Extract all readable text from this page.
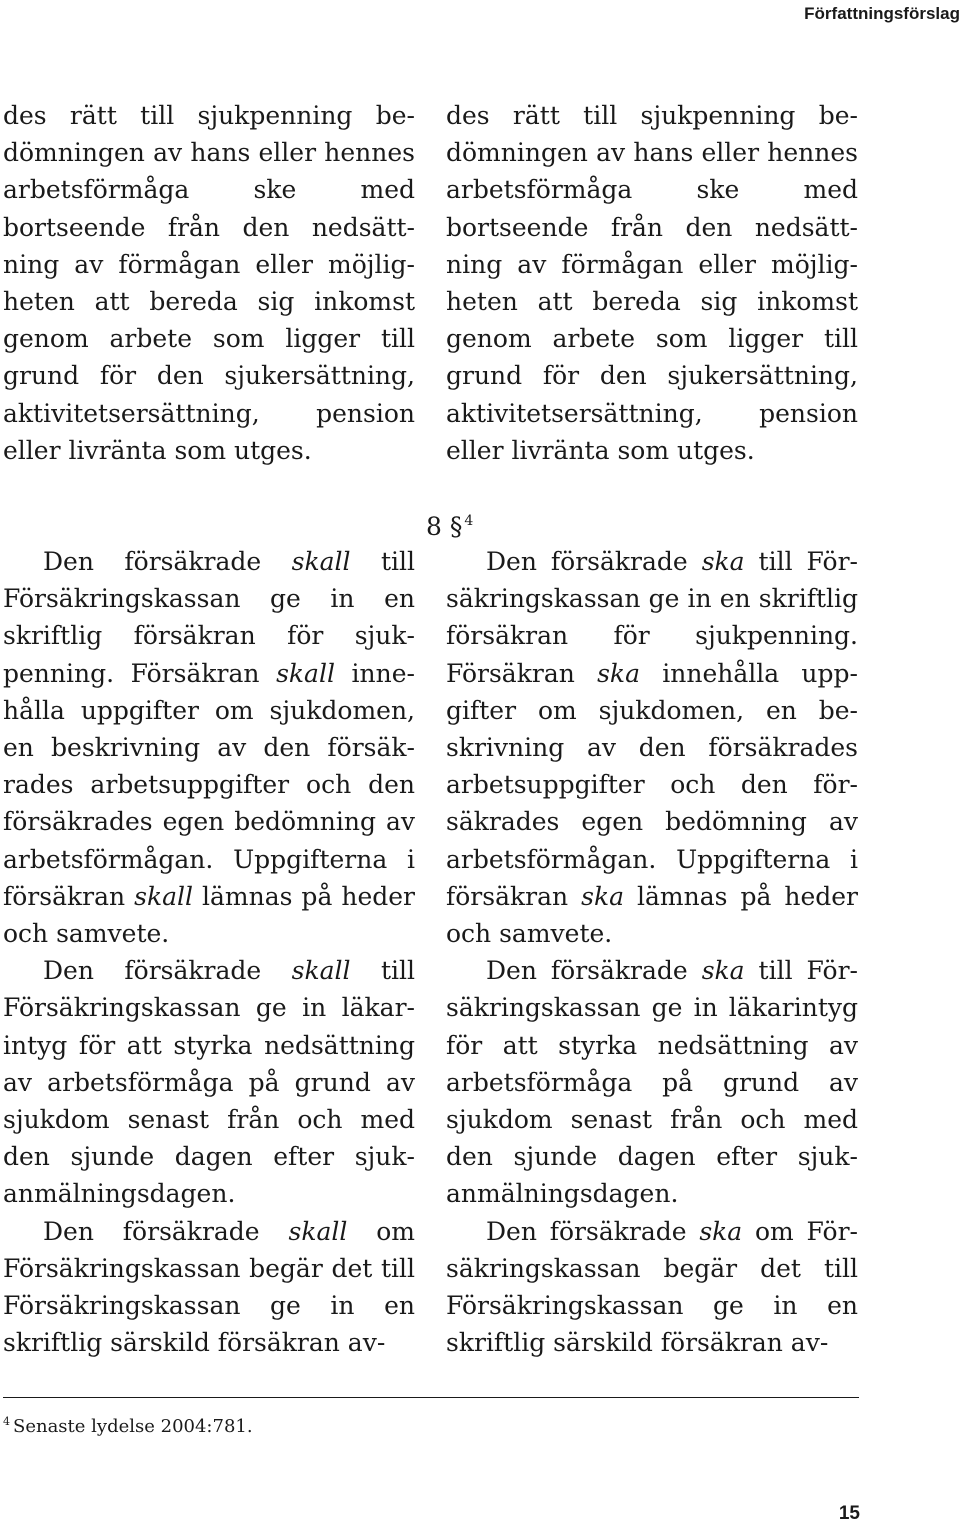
Författningsförslag

des rätt till sjukpenning bedömningen av hans eller hennes arbetsförmåga ske med bortseende från den nedsättning av förmågan eller möjligheten att bereda sig inkomst genom arbete som ligger till grund för den sjukersättning, aktivitetsersättning, pension eller livränta som utges.

des rätt till sjukpenning bedömningen av hans eller hennes arbetsförmåga ske med bortseende från den nedsättning av förmågan eller möjligheten att bereda sig inkomst genom arbete som ligger till grund för den sjukersättning, aktivitetsersättning, pension eller livränta som utges.

8 § $^4$

Den försäkrade skall till Försäkringskassan ge in en skriftlig försäkran för sjukpenning. Försäkran skall innehålla uppgifter om sjukdomen, en beskrivning av den försäkrades arbetsuppgifter och den försäkrades egen bedömning av arbetsförmågan. Uppgifterna i försäkran skall lämnas på heder och samvete.

Den försäkrade skall till Försäkringskassan ge in läkarintyg för att styrka nedsättning av arbetsförmåga på grund av sjukdom senast från och med den sjunde dagen efter sjukanmälningsdagen.

Den försäkrade skall om Försäkringskassan begär det till Försäkringskassan ge in en skriftlig särskild försäkran av-

Den försäkrade ska till Försäkringskassan ge in en skriftlig försäkran för sjukpenning. Försäkran ska innehålla uppgifter om sjukdomen, en beskrivning av den försäkrades arbetsuppgifter och den försäkrades egen bedömning av arbetsförmågan. Uppgifterna i försäkran ska lämnas på heder och samvete.

Den försäkrade ska till Försäkringskassan ge in läkarintyg för att styrka nedsättning av arbetsförmåga på grund av sjukdom senast från och med den sjunde dagen efter sjukanmälningsdagen.

Den försäkrade ska om Försäkringskassan begär det till Försäkringskassan ge in en skriftlig särskild försäkran av-

$^4$ Senaste lydelse 2004:781.
15
